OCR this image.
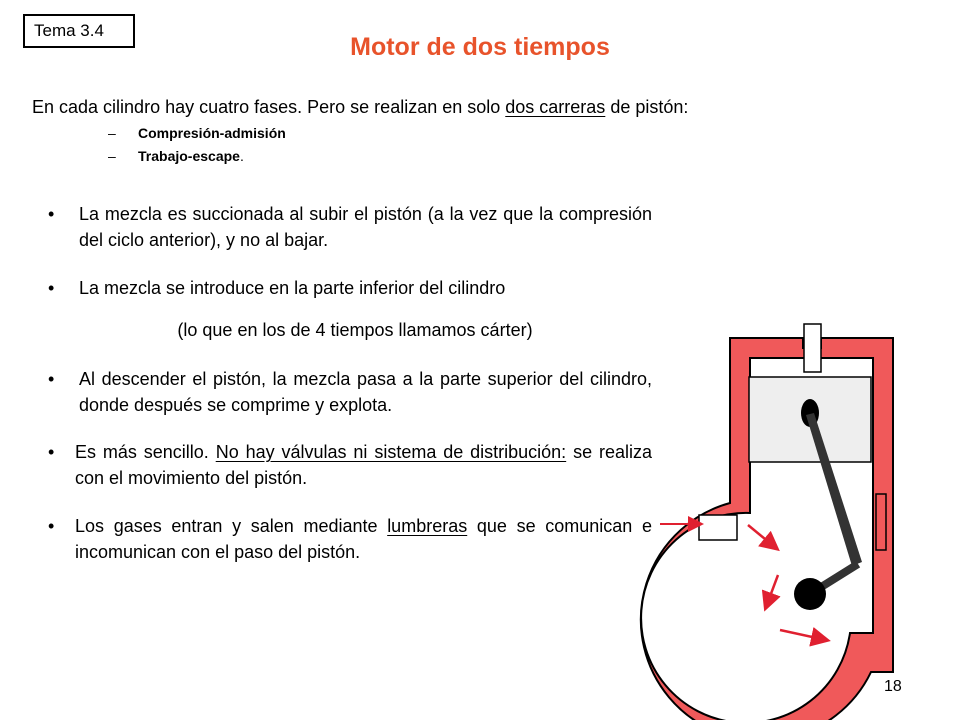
Tema 3.4
Motor de dos tiempos
En cada cilindro hay cuatro fases. Pero se realizan en solo dos carreras de pistón:
– Compresión-admisión
– Trabajo-escape.
• La mezcla es succionada al subir el pistón (a la vez que la compresión del ciclo anterior), y no al bajar.
• La mezcla se introduce en la parte inferior del cilindro
(lo que en los de 4 tiempos llamamos cárter)
• Al descender el pistón, la mezcla pasa a la parte superior del cilindro, donde después se comprime y explota.
• Es más sencillo. No hay válvulas ni sistema de distribución: se realiza con el movimiento del pistón.
• Los gases entran y salen mediante lumbreras que se comunican e incomunican con el paso del pistón.
18
